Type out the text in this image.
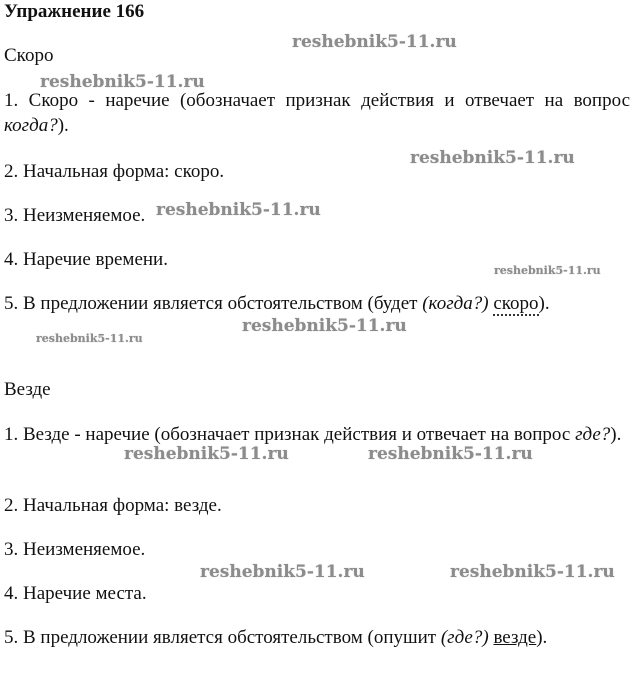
Упражнение 166
Скоро
1. Скоро - наречие (обозначает признак действия и отвечает на вопрос когда?).
2. Начальная форма: скоро.
3. Неизменяемое.
4. Наречие времени.
5. В предложении является обстоятельством (будет (когда?) скоро).
Везде
1. Везде - наречие (обозначает признак действия и отвечает на вопрос где?).
2. Начальная форма: везде.
3. Неизменяемое.
4. Наречие места.
5. В предложении является обстоятельством (опушит (где?) везде).
reshebnik5-11.ru
reshebnik5-11.ru
reshebnik5-11.ru
reshebnik5-11.ru
reshebnik5-11.ru
reshebnik5-11.ru
reshebnik5-11.ru
reshebnik5-11.ru	reshebnik5-11.ru
reshebnik5-11.ru	reshebnik5-11.ru
